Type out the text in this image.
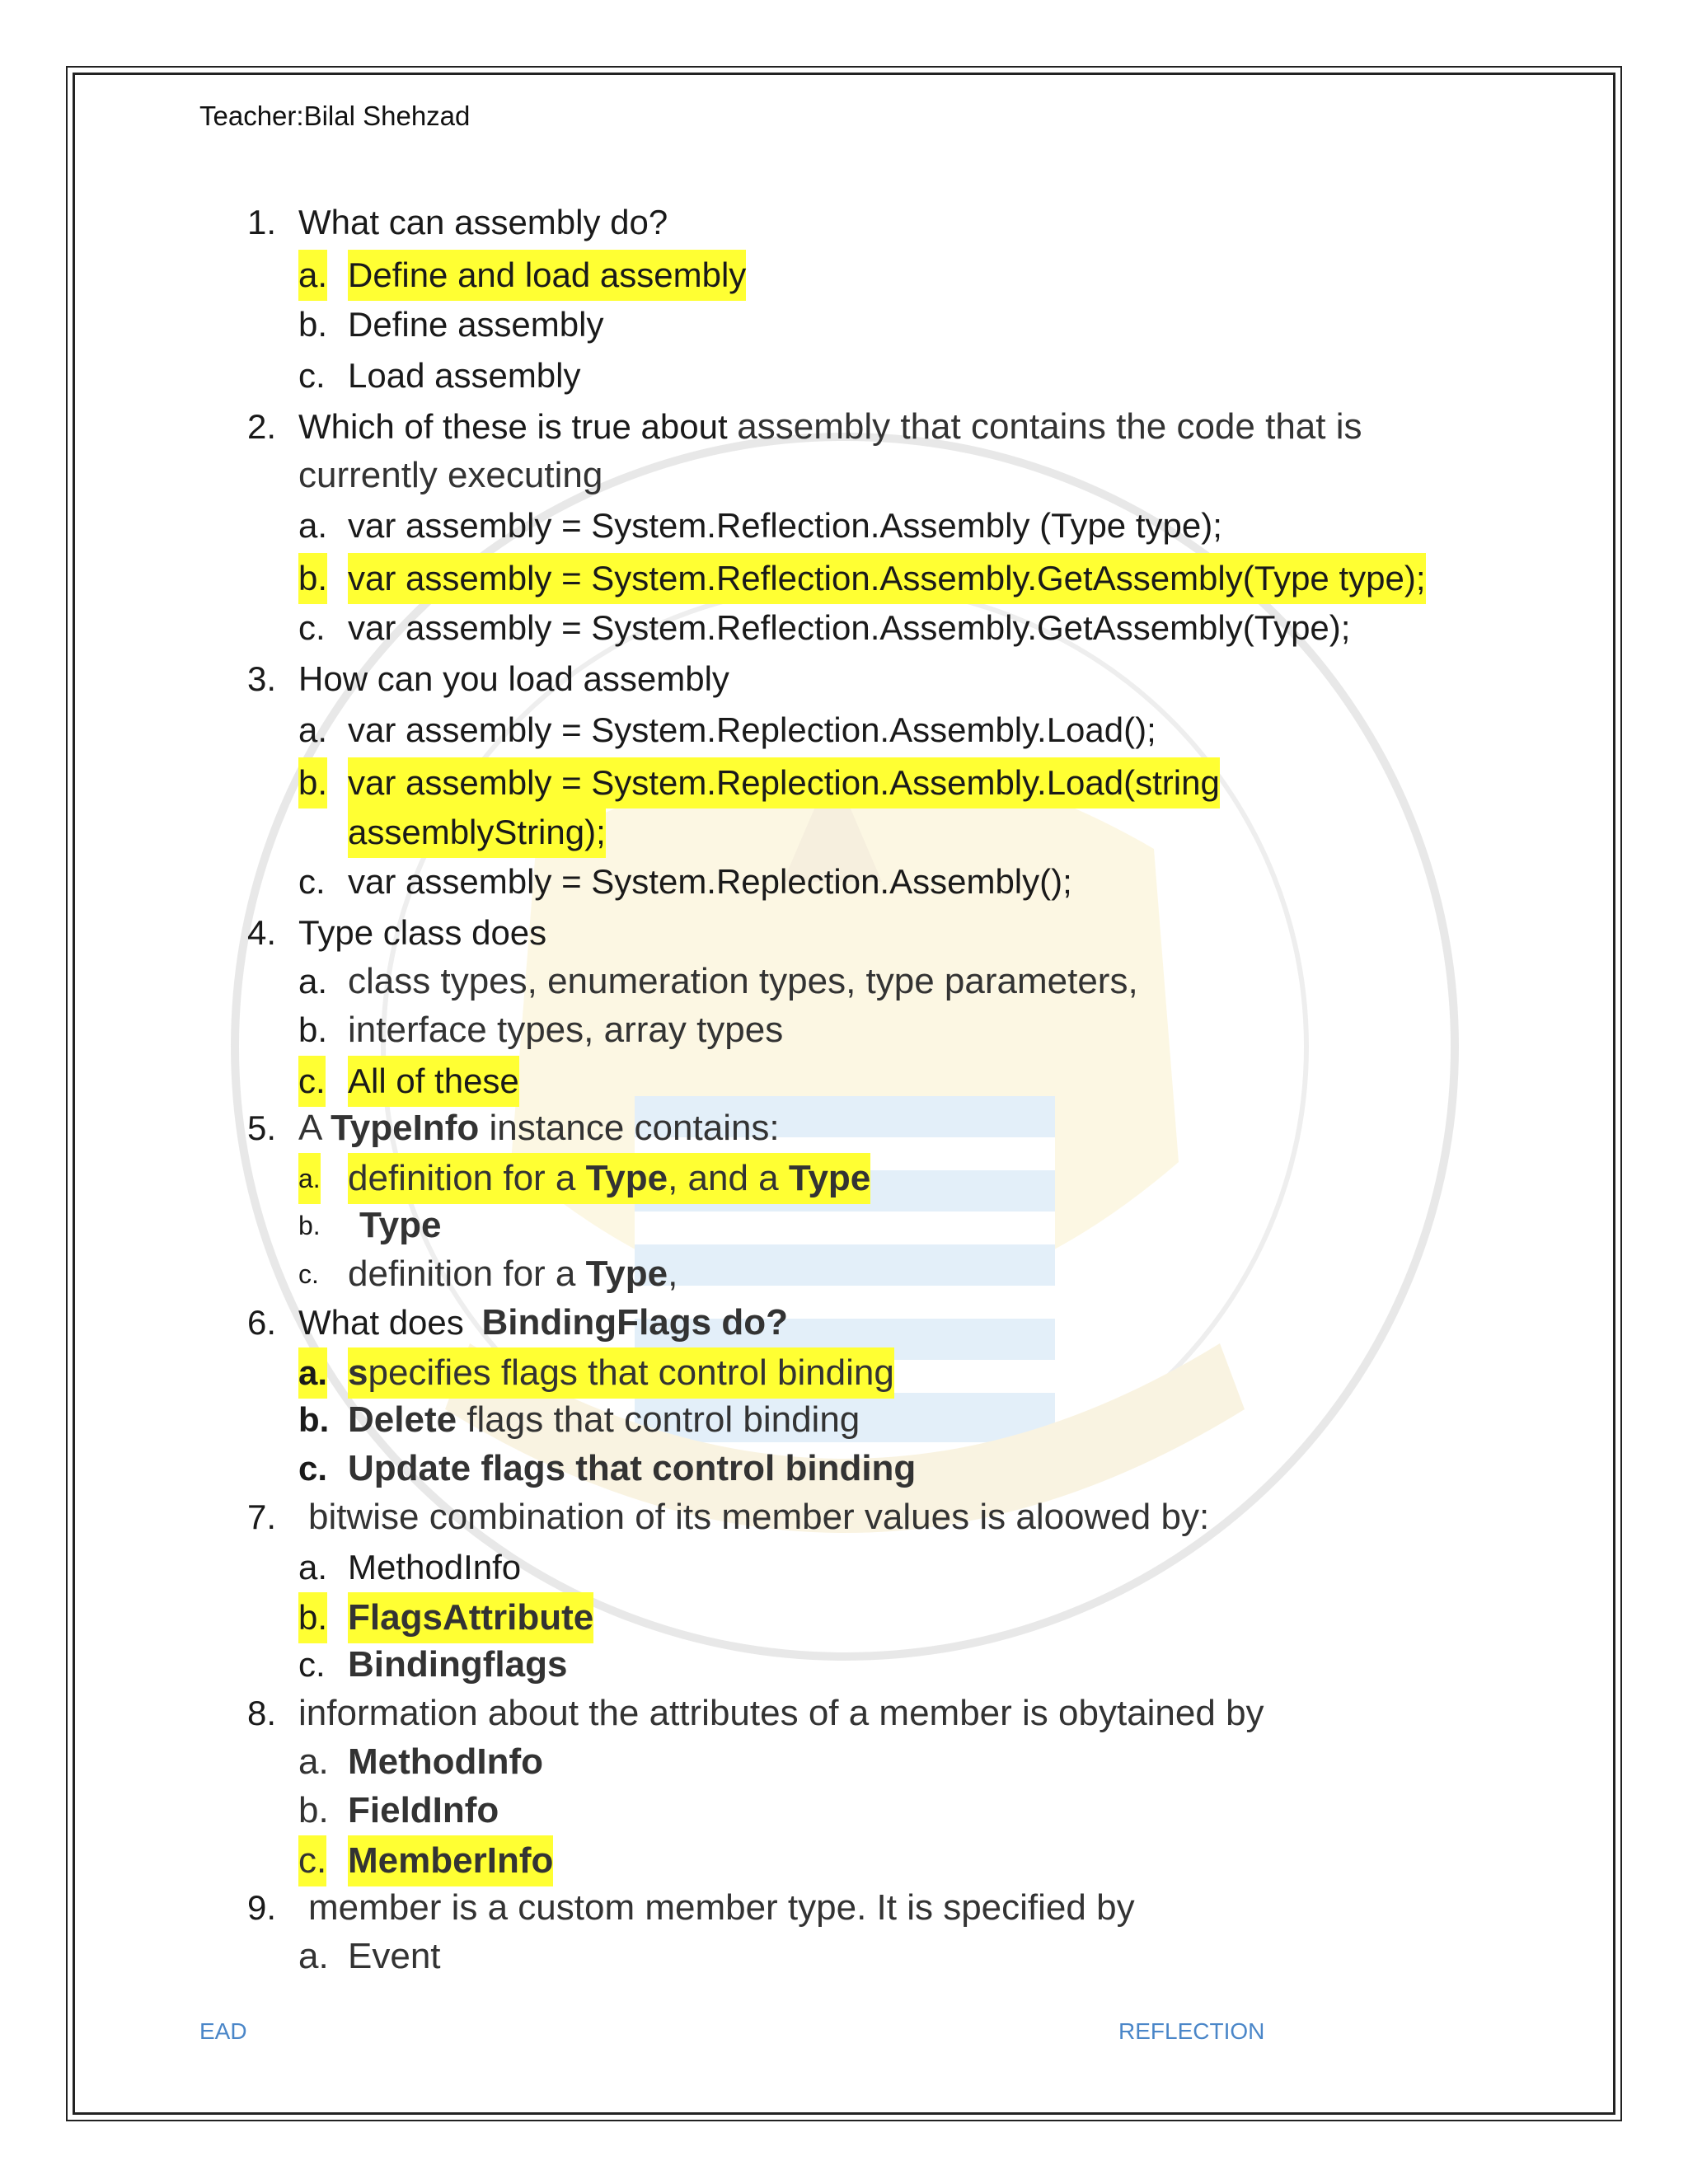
Teacher:Bilal Shehzad
1. What can assembly do?
a. Define and load assembly
b. Define assembly
c. Load assembly
2. Which of these is true about assembly that contains the code that is
currently executing
a. var assembly = System.Reflection.Assembly (Type type);
b. var assembly = System.Reflection.Assembly.GetAssembly(Type type);
c. var assembly = System.Reflection.Assembly.GetAssembly(Type);
3. How can you load assembly
a. var assembly = System.Replection.Assembly.Load();
b. var assembly = System.Replection.Assembly.Load(string
assemblyString);
c. var assembly = System.Replection.Assembly();
4. Type class does
a. class types, enumeration types, type parameters,
b. interface types, array types
c. All of these
5. A TypeInfo instance contains:
a. definition for a Type, and a Type
b. Type
c. definition for a Type,
6. What does BindingFlags do?
a. specifies flags that control binding
b. Delete flags that control binding
c. Update flags that control binding
7. bitwise combination of its member values is aloowed by:
a. MethodInfo
b. FlagsAttribute
c. Bindingflags
8. information about the attributes of a member is obytained by
a. MethodInfo
b. FieldInfo
c. MemberInfo
9. member is a custom member type. It is specified by
a. Event
EAD	REFLECTION
